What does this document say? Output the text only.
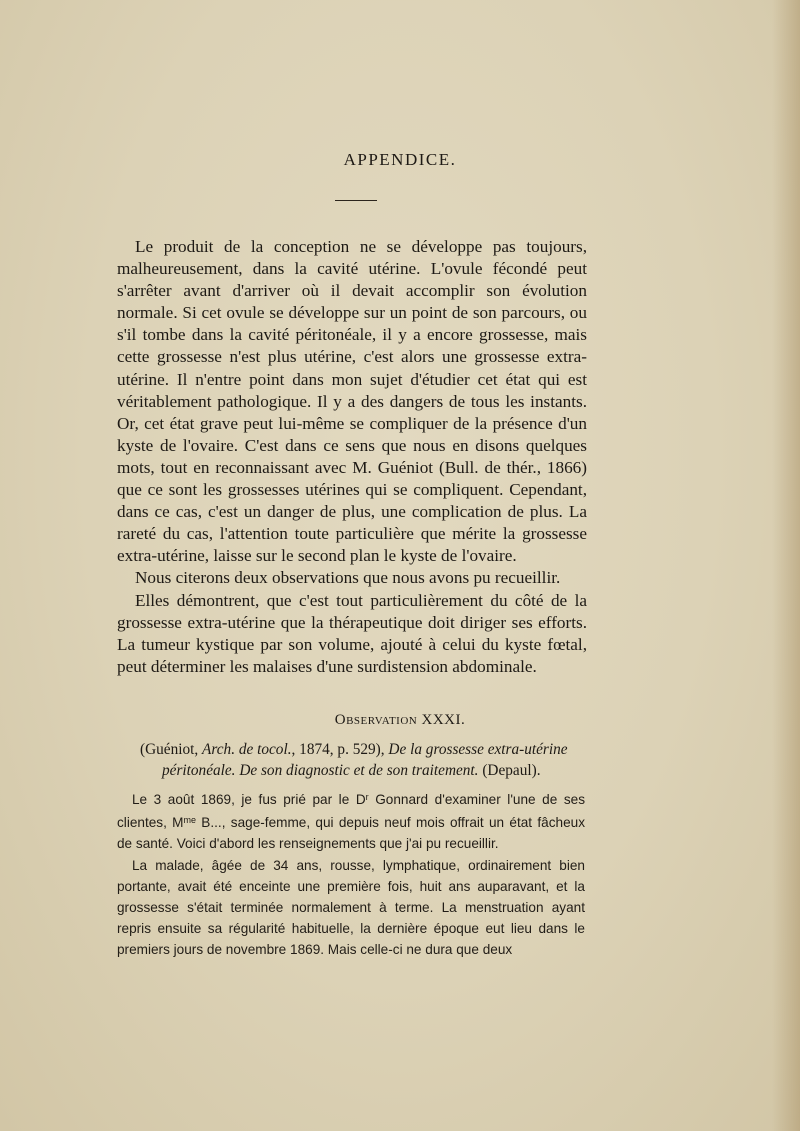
APPENDICE.

Le produit de la conception ne se développe pas toujours, malheureusement, dans la cavité utérine. L'ovule fécondé peut s'arrêter avant d'arriver où il devait accomplir son évolution normale. Si cet ovule se développe sur un point de son parcours, ou s'il tombe dans la cavité péritonéale, il y a encore grossesse, mais cette grossesse n'est plus utérine, c'est alors une grossesse extra-utérine. Il n'entre point dans mon sujet d'étudier cet état qui est véritablement pathologique. Il y a des dangers de tous les instants. Or, cet état grave peut lui-même se compliquer de la présence d'un kyste de l'ovaire. C'est dans ce sens que nous en disons quelques mots, tout en reconnaissant avec M. Guéniot (Bull. de thér., 1866) que ce sont les grossesses utérines qui se compliquent. Cependant, dans ce cas, c'est un danger de plus, une complication de plus. La rareté du cas, l'attention toute particulière que mérite la grossesse extra-utérine, laisse sur le second plan le kyste de l'ovaire.

Nous citerons deux observations que nous avons pu recueillir.

Elles démontrent, que c'est tout particulièrement du côté de la grossesse extra-utérine que la thérapeutique doit diriger ses efforts. La tumeur kystique par son volume, ajouté à celui du kyste fœtal, peut déterminer les malaises d'une surdistension abdominale.

Observation XXXI.
(Guéniot, Arch. de tocol., 1874, p. 529), De la grossesse extra-utérine
péritonéale. De son diagnostic et de son traitement. (Depaul).

Le 3 août 1869, je fus prié par le $D^r$ Gonnard d'examiner l'une de ses clientes, $M^{me}$ B..., sage-femme, qui depuis neuf mois offrait un état fâcheux de santé. Voici d'abord les renseignements que j'ai pu recueillir.

La malade, âgée de 34 ans, rousse, lymphatique, ordinairement bien portante, avait été enceinte une première fois, huit ans auparavant, et la grossesse s'était terminée normalement à terme. La menstruation ayant repris ensuite sa régularité habituelle, la dernière époque eut lieu dans le premiers jours de novembre 1869. Mais celle-ci ne dura que deux
